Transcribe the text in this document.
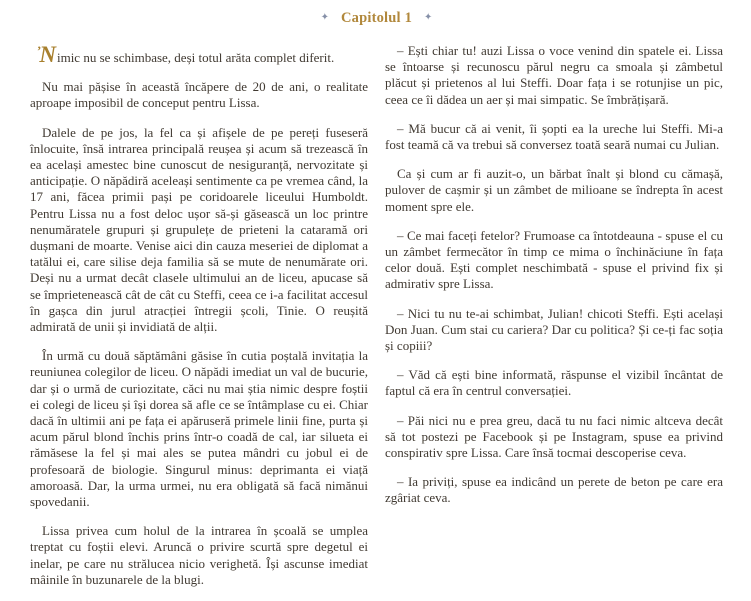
✦ Capitolul 1 ✦

’ Nimic nu se schimbase, deși totul arăta complet diferit.

Nu mai pășise în această încăpere de 20 de ani, o realitate aproape imposibil de conceput pentru Lissa.

Dalele de pe jos, la fel ca și afișele de pe pereți fuseseră înlocuite, însă intrarea principală reușea și acum să trezească în ea același amestec bine cunoscut de nesiguranță, nervozitate și anticipație. O năpădiră aceleași sentimente ca pe vremea când, la 17 ani, făcea primii pași pe coridoarele liceului Humboldt. Pentru Lissa nu a fost deloc ușor să-și găsească un loc printre nenumăratele grupuri și grupulețe de prieteni la cataramă ori dușmani de moarte. Venise aici din cauza meseriei de diplomat a tatălui ei, care silise deja familia să se mute de nenumărate ori. Deși nu a urmat decât clasele ultimului an de liceu, apucase să se împrietenească cât de cât cu Steffi, ceea ce i-a facilitat accesul în gașca din jurul atracției întregii școli, Tinie. O reușită admirată de unii și invidiată de alții.

În urmă cu două săptămâni găsise în cutia poștală invitația la reuniunea colegilor de liceu. O năpădi imediat un val de bucurie, dar și o urmă de curiozitate, căci nu mai știa nimic despre foștii ei colegi de liceu și își dorea să afle ce se întâmplase cu ei. Chiar dacă în ultimii ani pe fața ei apăruseră primele linii fine, purta și acum părul blond închis prins într-o coadă de cal, iar silueta ei rămăsese la fel și mai ales se putea mândri cu jobul ei de profesoară de biologie. Singurul minus: deprimanta ei viață amoroasă. Dar, la urma urmei, nu era obligată să facă nimănui spovedanii.

Lissa privea cum holul de la intrarea în școală se umplea treptat cu foștii elevi. Aruncă o privire scurtă spre degetul ei inelar, pe care nu strălucea nicio verighetă. Își ascunse imediat mâinile în buzunarele de la blugi.

– Ești chiar tu! auzi Lissa o voce venind din spatele ei. Lissa se întoarse și recunoscu părul negru ca smoala și zâmbetul plăcut și prietenos al lui Steffi. Doar fața i se rotunjise un pic, ceea ce îi dădea un aer și mai simpatic. Se îmbrățișară.

– Mă bucur că ai venit, îi șopti ea la ureche lui Steffi. Mi-a fost teamă că va trebui să conversez toată seară numai cu Julian.

Ca și cum ar fi auzit-o, un bărbat înalt și blond cu cămașă, pulover de cașmir și un zâmbet de milioane se îndrepta în acest moment spre ele.

– Ce mai faceți fetelor? Frumoase ca întotdeauna - spuse el cu un zâmbet fermecător în timp ce mima o închinăciune în fața celor două. Ești complet neschimbată - spuse el privind fix și admirativ spre Lissa.

– Nici tu nu te-ai schimbat, Julian! chicoti Steffi. Ești același Don Juan. Cum stai cu cariera? Dar cu politica? Și ce-ți fac soția și copiii?

– Văd că ești bine informată, răspunse el vizibil încântat de faptul că era în centrul conversației.

– Păi nici nu e prea greu, dacă tu nu faci nimic altceva decât să tot postezi pe Facebook și pe Instagram, spuse ea privind conspirativ spre Lissa. Care însă tocmai descoperise ceva.

– Ia priviți, spuse ea indicând un perete de beton pe care era zgâriat ceva.
